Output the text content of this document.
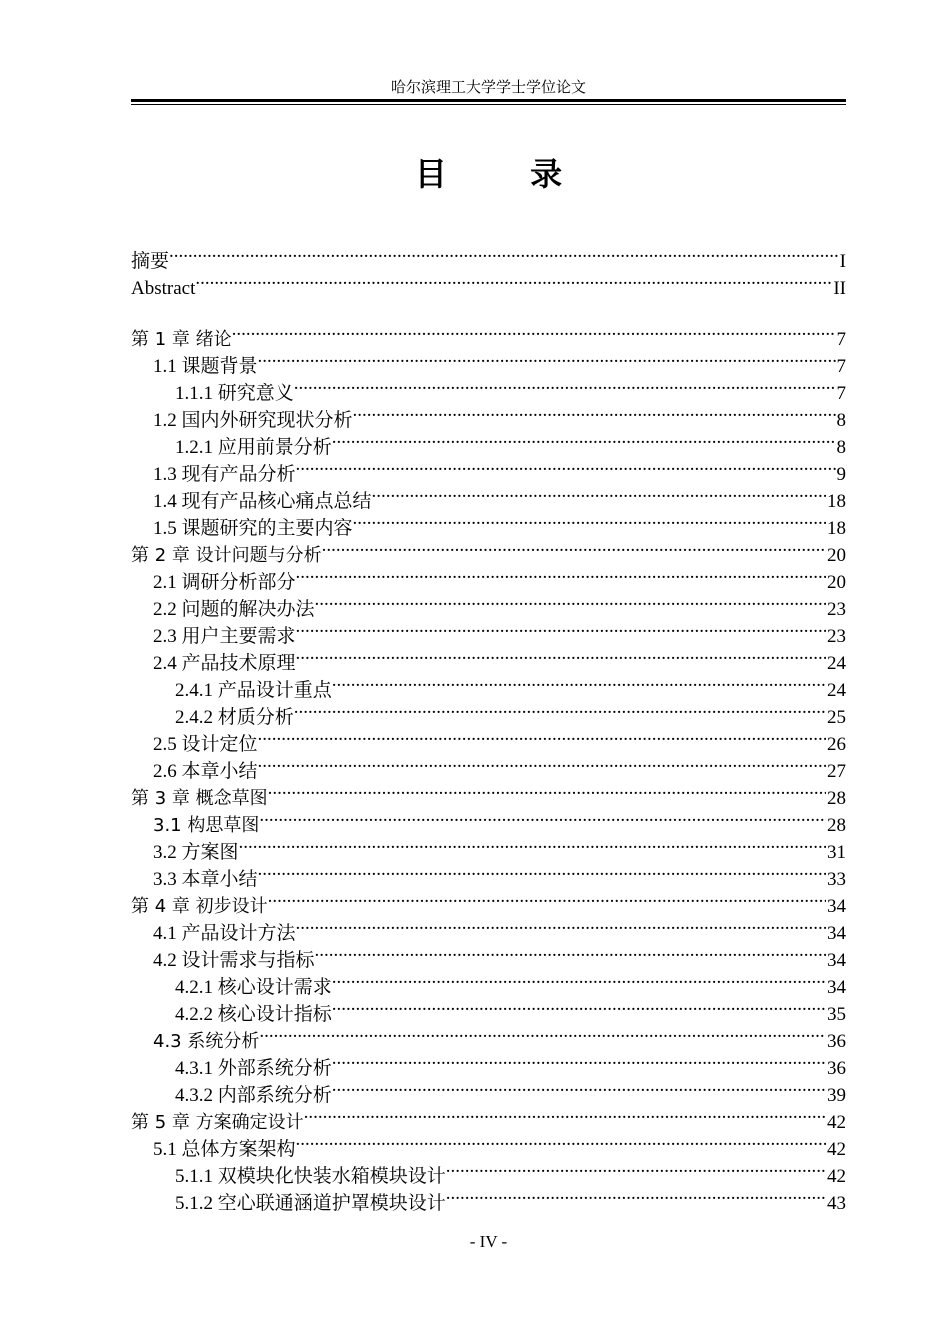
哈尔滨理工大学学士学位论文
目 录
摘要 .....	I
Abstract .....	II
第 1 章 绪论 .....	7
1.1 课题背景 .....	7
1.1.1 研究意义 .....	7
1.2 国内外研究现状分析 .....	8
1.2.1 应用前景分析 .....	8
1.3 现有产品分析 .....	9
1.4 现有产品核心痛点总结 .....	18
1.5 课题研究的主要内容 .....	18
第 2 章 设计问题与分析 .....	20
2.1 调研分析部分 .....	20
2.2 问题的解决办法 .....	23
2.3 用户主要需求 .....	23
2.4 产品技术原理 .....	24
2.4.1 产品设计重点 .....	24
2.4.2 材质分析 .....	25
2.5 设计定位 .....	26
2.6 本章小结 .....	27
第 3 章 概念草图 .....	28
3.1 构思草图 .....	28
3.2 方案图 .....	31
3.3 本章小结 .....	33
第 4 章 初步设计 .....	34
4.1 产品设计方法 .....	34
4.2 设计需求与指标 .....	34
4.2.1 核心设计需求 .....	34
4.2.2 核心设计指标 .....	35
4.3 系统分析 .....	36
4.3.1 外部系统分析 .....	36
4.3.2 内部系统分析 .....	39
第 5 章 方案确定设计 .....	42
5.1 总体方案架构 .....	42
5.1.1 双模块化快装水箱模块设计 .....	42
5.1.2 空心联通涵道护罩模块设计 .....	43
- IV -
